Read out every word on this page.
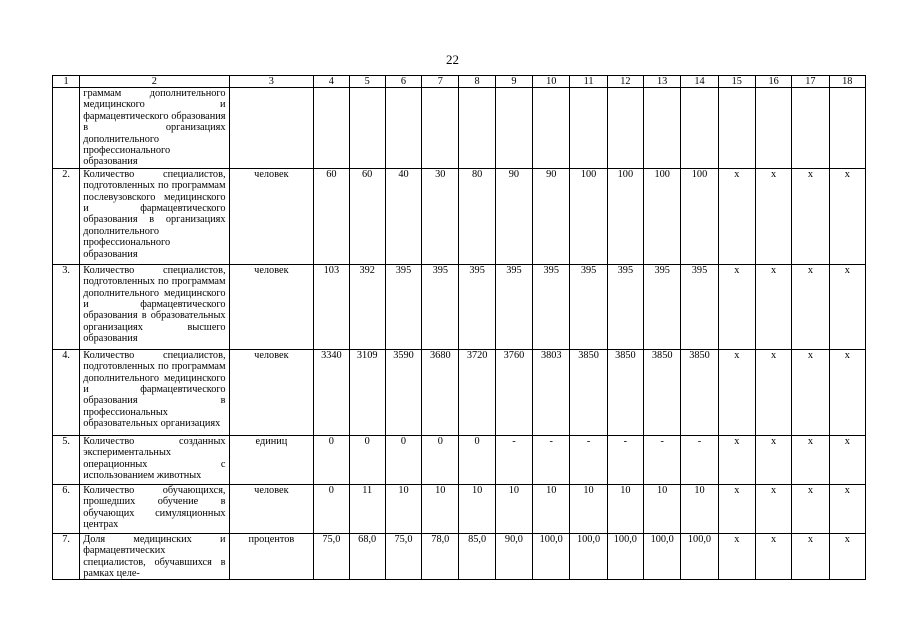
22
1	2	3	4	5	6	7	8	9	10	11	12	13	14	15	16	17	18
	граммам дополнительного медицинского и фармацевтического образования в организациях дополнительного профессионального образования																
2.	Количество специалистов, подготовленных по программам послевузовского медицинского и фармацевтического образования в организациях дополнительного профессионального образования	человек	60	60	40	30	80	90	90	100	100	100	100	х	х	х	х
3.	Количество специалистов, подготовленных по программам дополнительного медицинского и фармацевтического образования в образовательных организациях высшего образования	человек	103	392	395	395	395	395	395	395	395	395	395	х	х	х	х
4.	Количество специалистов, подготовленных по программам дополнительного медицинского и фармацевтического образования в профессиональных образовательных организациях	человек	3340	3109	3590	3680	3720	3760	3803	3850	3850	3850	3850	х	х	х	х
5.	Количество созданных экспериментальных операционных с использованием животных	единиц	0	0	0	0	0	-	-	-	-	-	-	х	х	х	х
6.	Количество обучающихся, прошедших обучение в обучающих симуляционных центрах	человек	0	11	10	10	10	10	10	10	10	10	10	х	х	х	х
7.	Доля медицинских и фармацевтических специалистов, обучавшихся в рамках целе-	процентов	75,0	68,0	75,0	78,0	85,0	90,0	100,0	100,0	100,0	100,0	100,0	х	х	х	х
